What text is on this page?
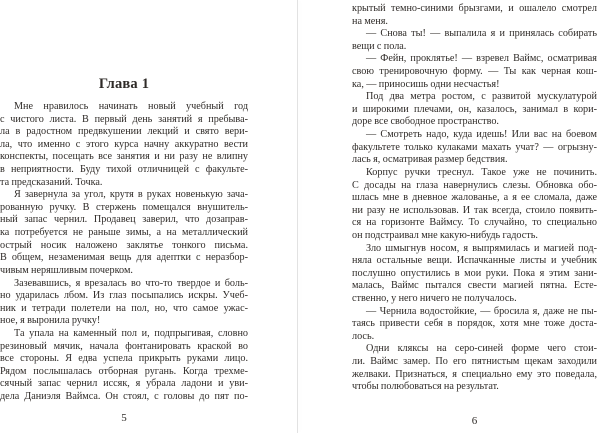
Глава 1
Мне нравилось начинать новый учебный год
с чистого листа. В первый день занятий я пребыва-
ла в радостном предвкушении лекций и свято вери-
ла, что именно с этого курса начну аккуратно вести
конспекты, посещать все занятия и ни разу не влипну
в неприятности. Буду тихой отличницей с факульте-
та предсказаний. Точка.
Я завернула за угол, крутя в руках новенькую зача-
рованную ручку. В стержень помещался внушитель-
ный запас чернил. Продавец заверил, что дозаправ-
ка потребуется не раньше зимы, а на металлический
острый носик наложено заклятье тонкого письма.
В общем, незаменимая вещь для адептки с неразбор-
чивым неряшливым почерком.
Зазевавшись, я врезалась во что-то твердое и боль-
но ударилась лбом. Из глаз посыпались искры. Учеб-
ник и тетради полетели на пол, но, что самое ужас-
ное, я выронила ручку!
Та упала на каменный пол и, подпрыгивая, словно
резиновый мячик, начала фонтанировать краской во
все стороны. Я едва успела прикрыть руками лицо.
Рядом послышалась отборная ругань. Когда трехме-
сячный запас чернил иссяк, я убрала ладони и уви-
дела Даниэля Ваймса. Он стоял, с головы до пят по-
5
крытый темно-синими брызгами, и ошалело смотрел
на меня.
— Снова ты! — выпалила я и принялась собирать
вещи с пола.
— Фейн, проклятье! — взревел Ваймс, осматривая
свою тренировочную форму. — Ты как черная кош-
ка, — приносишь одни несчастья!
Под два метра ростом, с развитой мускулатурой
и широкими плечами, он, казалось, занимал в кори-
доре все свободное пространство.
— Смотреть надо, куда идешь! Или вас на боевом
факультете только кулаками махать учат? — огрызну-
лась я, осматривая размер бедствия.
Корпус ручки треснул. Такое уже не починить.
С досады на глаза навернулись слезы. Обновка обо-
шлась мне в дневное жалованье, а я ее сломала, даже
ни разу не использовав. И так всегда, стоило появить-
ся на горизонте Ваймсу. То случайно, то специально
он подстраивал мне какую-нибудь гадость.
Зло шмыгнув носом, я выпрямилась и магией под-
няла остальные вещи. Испачканные листы и учебник
послушно опустились в мои руки. Пока я этим зани-
малась, Ваймс пытался свести магией пятна. Есте-
ственно, у него ничего не получалось.
— Чернила водостойкие, — бросила я, даже не пы-
таясь привести себя в порядок, хотя мне тоже доста-
лось.
Одни кляксы на серо-синей форме чего стои-
ли. Ваймс замер. По его пятнистым щекам заходили
желваки. Признаться, я специально ему это поведала,
чтобы полюбоваться на результат.
6
